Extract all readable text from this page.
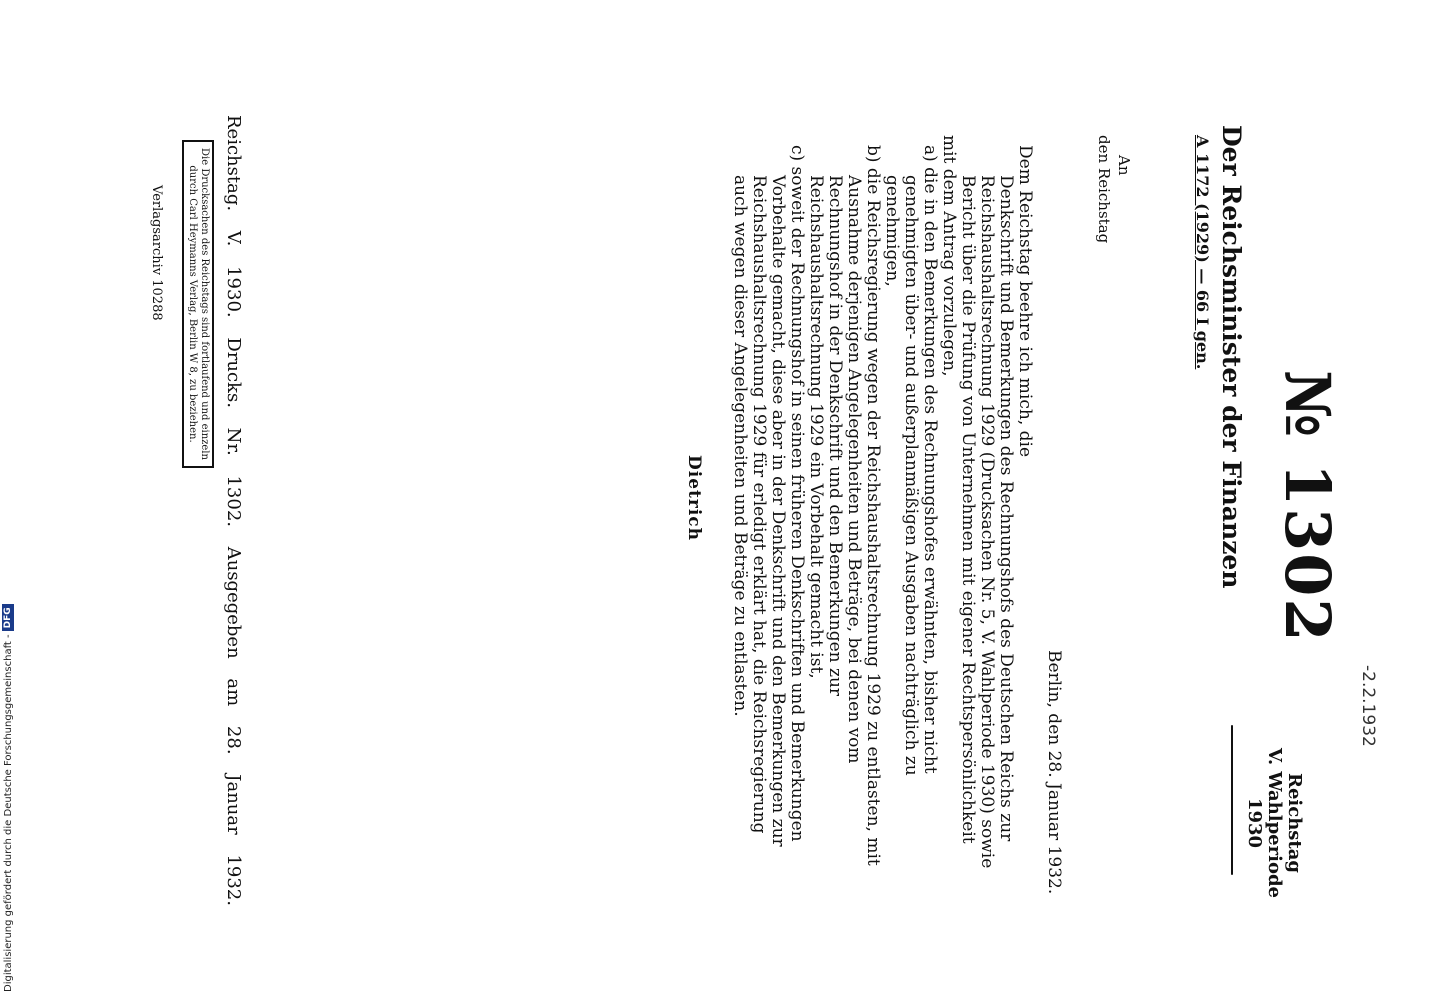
-2.2.1932
№ 1302
Reichstag
V. Wahlperiode
1930
Der Reichsminister der Finanzen
A 1172 (1929) — 66 I gen.
Berlin, den 28. Januar 1932.
An
den Reichstag

Dem Reichstag beehre ich mich, die

Denkschrift und Bemerkungen des Rechnungshofs des Deutschen Reichs zur Reichshaushaltsrechnung 1929 (Drucksachen Nr. 5, V. Wahlperiode 1930) sowie Bericht über die Prüfung von Unternehmen mit eigener Rechtspersönlichkeit

mit dem Antrag vorzulegen,

a) die in den Bemerkungen des Rechnungshofes erwähnten, bisher nicht genehmigten über- und außerplanmäßigen Ausgaben nachträglich zu genehmigen,

b) die Reichsregierung wegen der Reichshaushaltsrechnung 1929 zu entlasten, mit Ausnahme derjenigen Angelegenheiten und Beträge, bei denen vom Rechnungshof in der Denkschrift und den Bemerkungen zur Reichshaushaltsrechnung 1929 ein Vorbehalt gemacht ist,

c) soweit der Rechnungshof in seinen früheren Denkschriften und Bemerkungen Vorbehalte gemacht, diese aber in der Denkschrift und den Bemerkungen zur Reichshaushaltsrechnung 1929 für erledigt erklärt hat, die Reichsregierung auch wegen dieser Angelegenheiten und Beträge zu entlasten.

Dietrich
Reichstag. V. 1930. Drucks. Nr. 1302. Ausgegeben am 28. Januar 1932.
Die Drucksachen des Reichstags sind fortlaufend und einzeln
durch Carl Heymanns Verlag, Berlin W 8, zu beziehen.
Verlagsarchiv 10288
Digitalisierung gefördert durch die Deutsche Forschungsgemeinschaft -DFG
